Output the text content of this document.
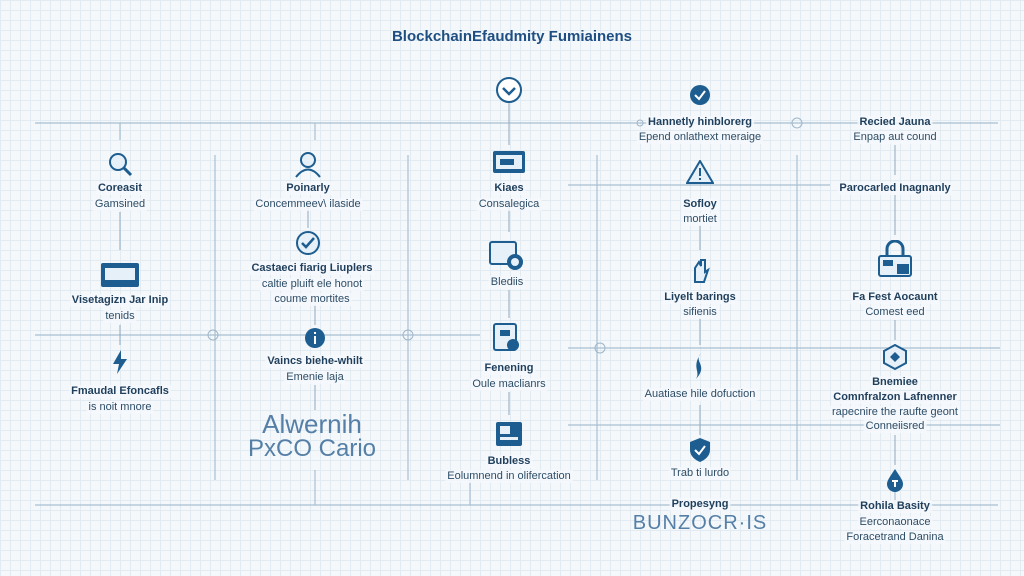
BlockchainEfaudmity Fumiainens
Coreasit
Gamsined
Visetagizn Jar Inip
tenids
Fmaudal Efoncafls
is noit mnore
Poinarly
Concemmeev\ ilaside
Castaeci fiarig Liuplers
caltie pluift ele honot
coume mortites
Vaincs biehe-whilt
Emenie laja
Alwernih
PxCO Cario
Kiaes
Consalegica
Blediis
Fenening
Oule maclianrs
Bubless
Eolumnend in olifercation
Hannetly hinblorerg
Epend onlathext meraige
Sofloy
mortiet
Liyelt barings
sifienis
Auatiase hile dofuction
Trab ti lurdo
Propesyng
BUNZOCR·IS
Recied Jauna
Enpap aut cound
Parocarled Inagnanly
Fa Fest Aocaunt
Comest eed
Bnemiee
Comnfralzon Lafnenner
rapecnire the raufte geont
Conneiisred
Rohila Basity
Eerconaonace
Foracetrand Danina
